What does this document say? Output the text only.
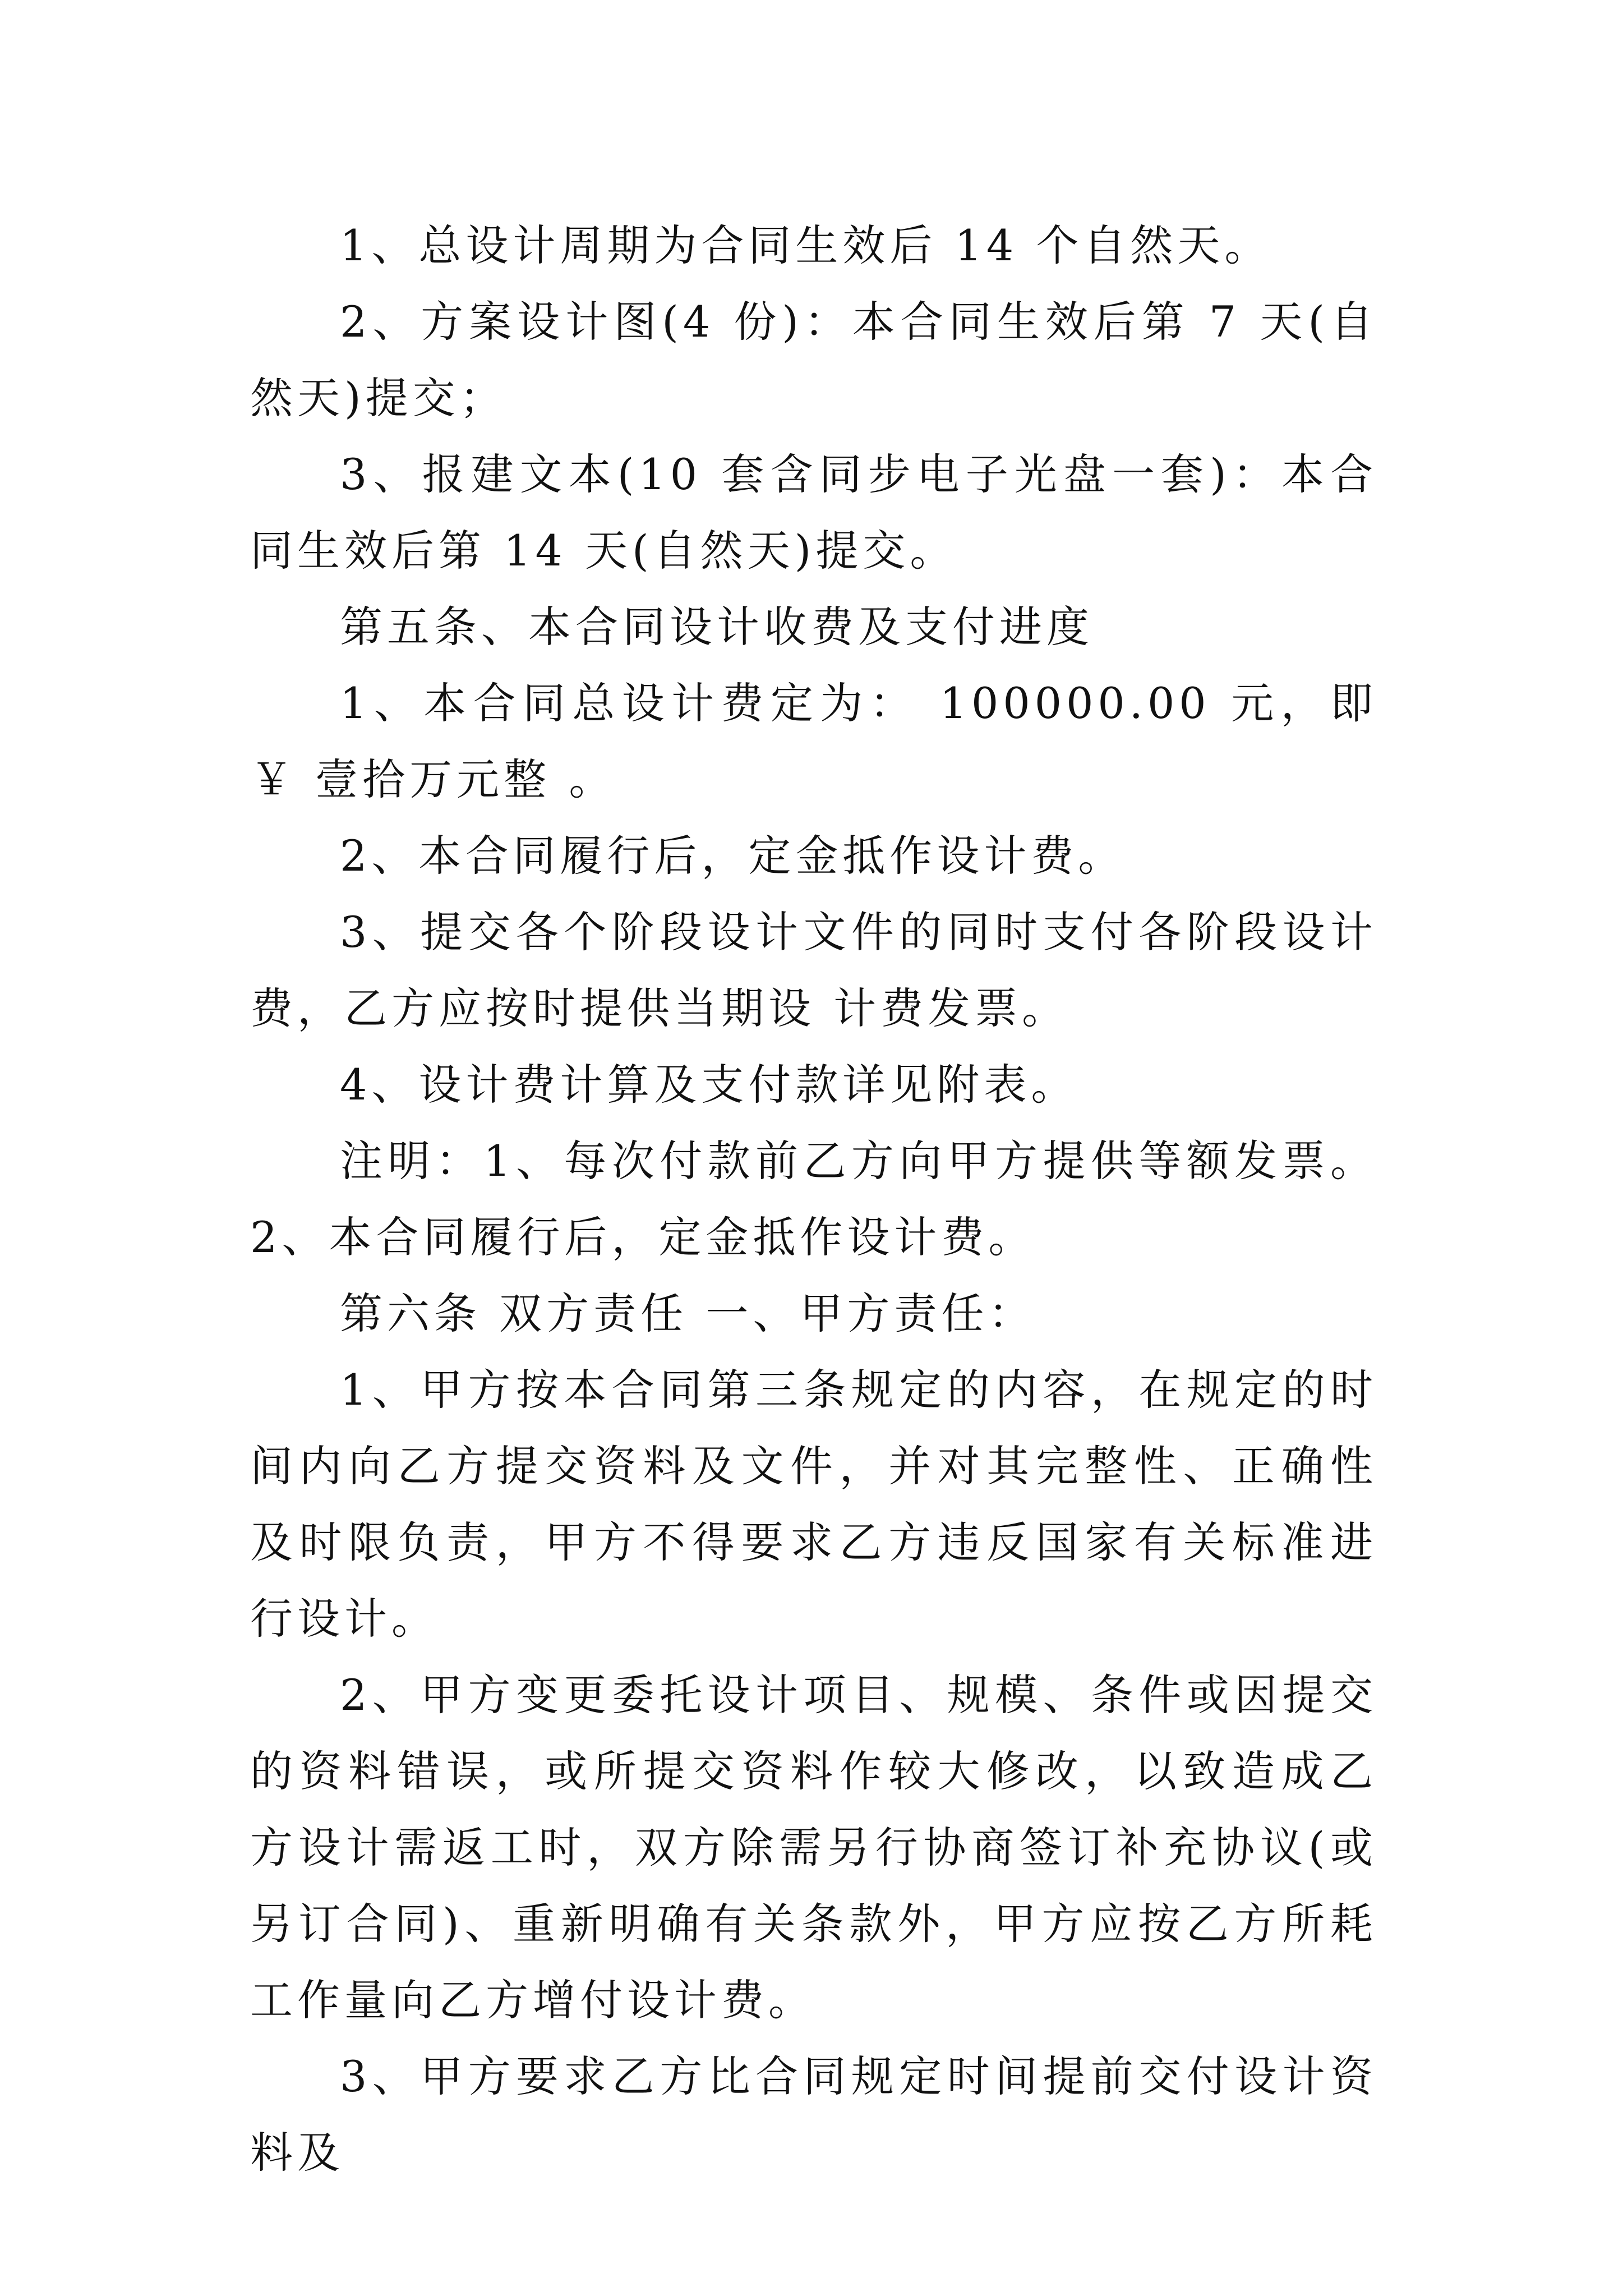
1、总设计周期为合同生效后 14 个自然天。

2、方案设计图(4 份)：本合同生效后第 7 天(自然天)提交；

3、报建文本(10 套含同步电子光盘一套)：本合同生效后第 14 天(自然天)提交。

第五条、本合同设计收费及支付进度

1、本合同总设计费定为： 100000.00 元，即￥ 壹拾万元整 。

2、本合同履行后，定金抵作设计费。

3、提交各个阶段设计文件的同时支付各阶段设计费，乙方应按时提供当期设 计费发票。

4、设计费计算及支付款详见附表。

注明：1、每次付款前乙方向甲方提供等额发票。 2、本合同履行后，定金抵作设计费。

第六条 双方责任 一、甲方责任：

1、甲方按本合同第三条规定的内容，在规定的时间内向乙方提交资料及文件，并对其完整性、正确性及时限负责，甲方不得要求乙方违反国家有关标准进行设计。

2、甲方变更委托设计项目、规模、条件或因提交的资料错误，或所提交资料作较大修改，以致造成乙方设计需返工时，双方除需另行协商签订补充协议(或另订合同)、重新明确有关条款外，甲方应按乙方所耗工作量向乙方增付设计费。

3、甲方要求乙方比合同规定时间提前交付设计资料及
